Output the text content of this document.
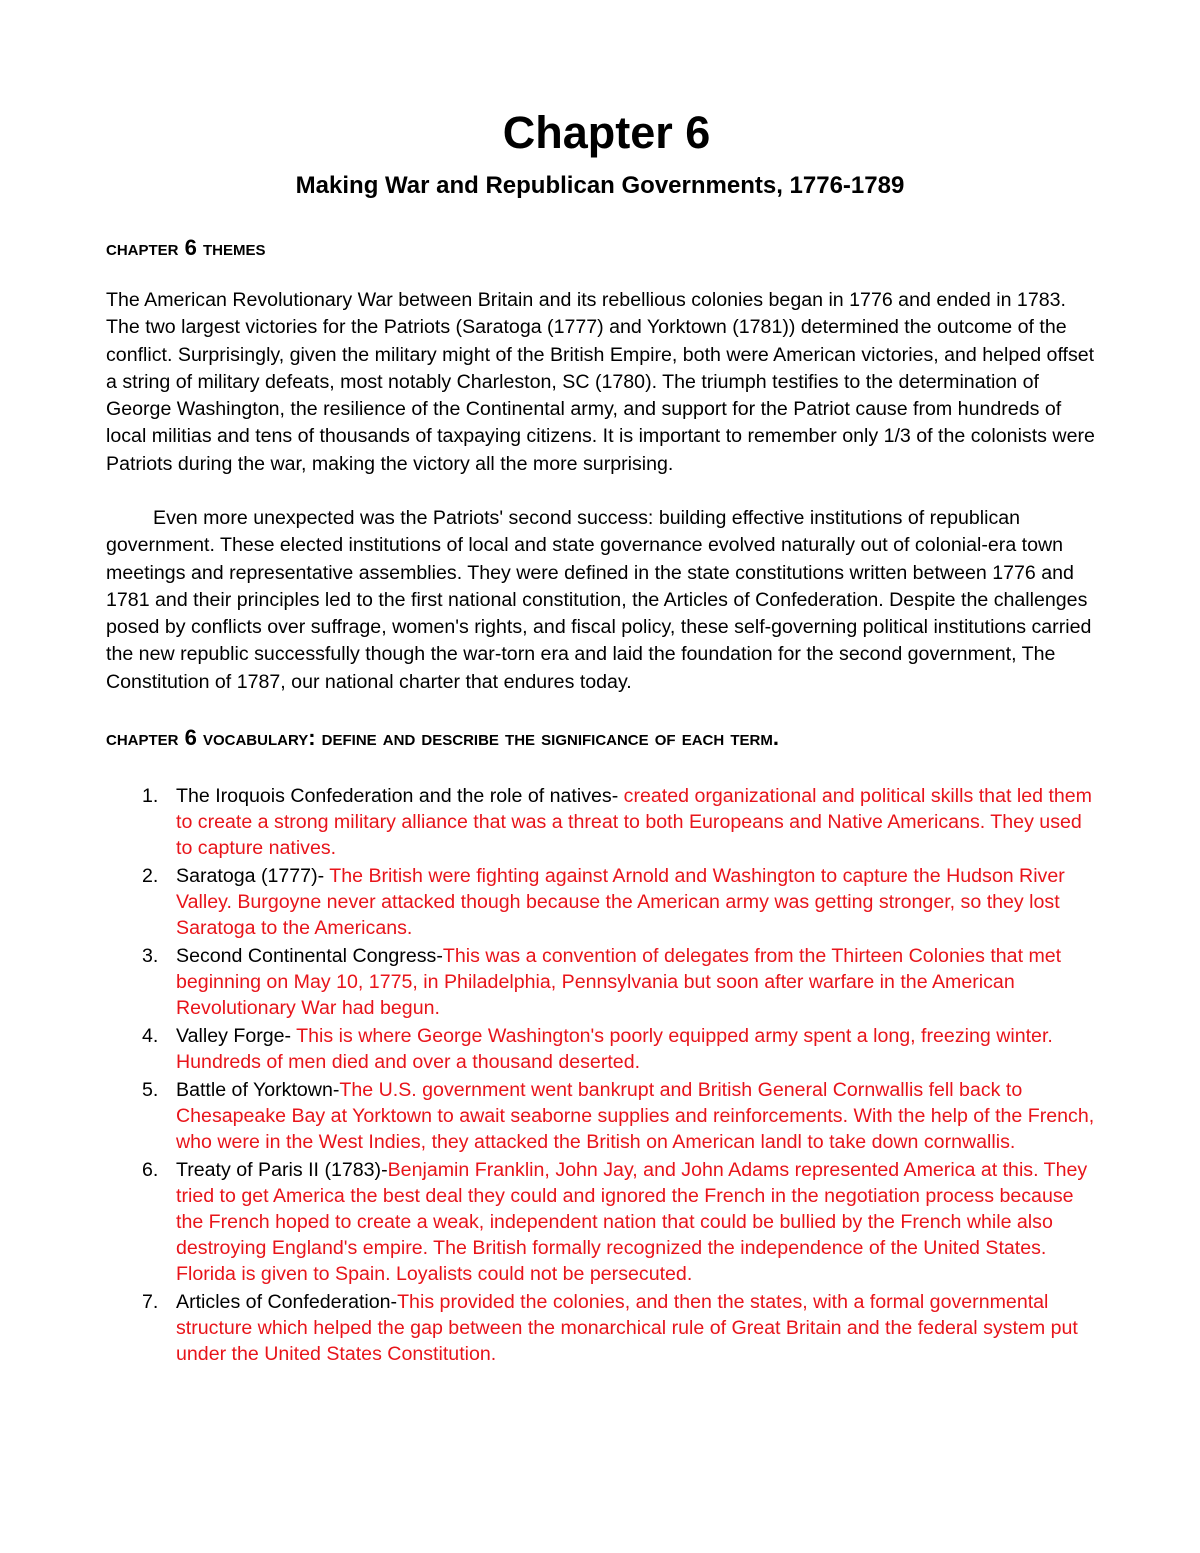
Chapter 6
Making War and Republican Governments, 1776-1789
chapter 6 themes

The American Revolutionary War between Britain and its rebellious colonies began in 1776 and ended in 1783. The two largest victories for the Patriots (Saratoga (1777) and Yorktown (1781)) determined the outcome of the conflict. Surprisingly, given the military might of the British Empire, both were American victories, and helped offset a string of military defeats, most notably Charleston, SC (1780). The triumph testifies to the determination of George Washington, the resilience of the Continental army, and support for the Patriot cause from hundreds of local militias and tens of thousands of taxpaying citizens. It is important to remember only 1/3 of the colonists were Patriots during the war, making the victory all the more surprising.

Even more unexpected was the Patriots' second success: building effective institutions of republican government. These elected institutions of local and state governance evolved naturally out of colonial-era town meetings and representative assemblies. They were defined in the state constitutions written between 1776 and 1781 and their principles led to the first national constitution, the Articles of Confederation. Despite the challenges posed by conflicts over suffrage, women's rights, and fiscal policy, these self-governing political institutions carried the new republic successfully though the war-torn era and laid the foundation for the second government, The Constitution of 1787, our national charter that endures today.

chapter 6 vocabulary: define and describe the significance of each term.
1. The Iroquois Confederation and the role of natives- created organizational and political skills that led them to create a strong military alliance that was a threat to both Europeans and Native Americans. They used to capture natives.
2. Saratoga (1777)- The British were fighting against Arnold and Washington to capture the Hudson River Valley. Burgoyne never attacked though because the American army was getting stronger, so they lost Saratoga to the Americans.
3. Second Continental Congress-This was a convention of delegates from the Thirteen Colonies that met beginning on May 10, 1775, in Philadelphia, Pennsylvania but soon after warfare in the American Revolutionary War had begun.
4. Valley Forge- This is where George Washington's poorly equipped army spent a long, freezing winter. Hundreds of men died and over a thousand deserted.
5. Battle of Yorktown-The U.S. government went bankrupt and British General Cornwallis fell back to Chesapeake Bay at Yorktown to await seaborne supplies and reinforcements. With the help of the French, who were in the West Indies, they attacked the British on American landl to take down cornwallis.
6. Treaty of Paris II (1783)-Benjamin Franklin, John Jay, and John Adams represented America at this. They tried to get America the best deal they could and ignored the French in the negotiation process because the French hoped to create a weak, independent nation that could be bullied by the French while also destroying England's empire. The British formally recognized the independence of the United States. Florida is given to Spain. Loyalists could not be persecuted.
7. Articles of Confederation-This provided the colonies, and then the states, with a formal governmental structure which helped the gap between the monarchical rule of Great Britain and the federal system put under the United States Constitution.
